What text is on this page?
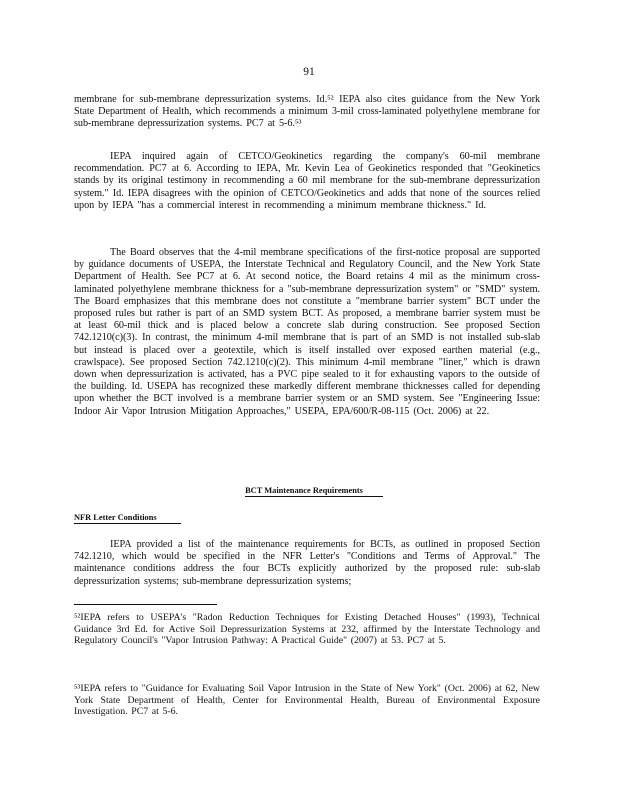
91
membrane for sub-membrane depressurization systems. Id.⁵² IEPA also cites guidance from the New York State Department of Health, which recommends a minimum 3-mil cross-laminated polyethylene membrane for sub-membrane depressurization systems. PC7 at 5-6.⁵³
IEPA inquired again of CETCO/Geokinetics regarding the company's 60-mil membrane recommendation. PC7 at 6. According to IEPA, Mr. Kevin Lea of Geokinetics responded that "Geokinetics stands by its original testimony in recommending a 60 mil membrane for the sub-membrane depressurization system." Id. IEPA disagrees with the opinion of CETCO/Geokinetics and adds that none of the sources relied upon by IEPA "has a commercial interest in recommending a minimum membrane thickness." Id.
The Board observes that the 4-mil membrane specifications of the first-notice proposal are supported by guidance documents of USEPA, the Interstate Technical and Regulatory Council, and the New York State Department of Health. See PC7 at 6. At second notice, the Board retains 4 mil as the minimum cross-laminated polyethylene membrane thickness for a "sub-membrane depressurization system" or "SMD" system. The Board emphasizes that this membrane does not constitute a "membrane barrier system" BCT under the proposed rules but rather is part of an SMD system BCT. As proposed, a membrane barrier system must be at least 60-mil thick and is placed below a concrete slab during construction. See proposed Section 742.1210(c)(3). In contrast, the minimum 4-mil membrane that is part of an SMD is not installed sub-slab but instead is placed over a geotextile, which is itself installed over exposed earthen material (e.g., crawlspace). See proposed Section 742.1210(c)(2). This minimum 4-mil membrane "liner," which is drawn down when depressurization is activated, has a PVC pipe sealed to it for exhausting vapors to the outside of the building. Id. USEPA has recognized these markedly different membrane thicknesses called for depending upon whether the BCT involved is a membrane barrier system or an SMD system. See "Engineering Issue: Indoor Air Vapor Intrusion Mitigation Approaches," USEPA, EPA/600/R-08-115 (Oct. 2006) at 22.
BCT Maintenance Requirements
NFR Letter Conditions
IEPA provided a list of the maintenance requirements for BCTs, as outlined in proposed Section 742.1210, which would be specified in the NFR Letter's "Conditions and Terms of Approval." The maintenance conditions address the four BCTs explicitly authorized by the proposed rule: sub-slab depressurization systems; sub-membrane depressurization systems;
⁵²IEPA refers to USEPA's "Radon Reduction Techniques for Existing Detached Houses" (1993), Technical Guidance 3rd Ed. for Active Soil Depressurization Systems at 232, affirmed by the Interstate Technology and Regulatory Council's "Vapor Intrusion Pathway: A Practical Guide" (2007) at 53. PC7 at 5.
⁵³IEPA refers to "Guidance for Evaluating Soil Vapor Intrusion in the State of New York" (Oct. 2006) at 62, New York State Department of Health, Center for Environmental Health, Bureau of Environmental Exposure Investigation. PC7 at 5-6.
